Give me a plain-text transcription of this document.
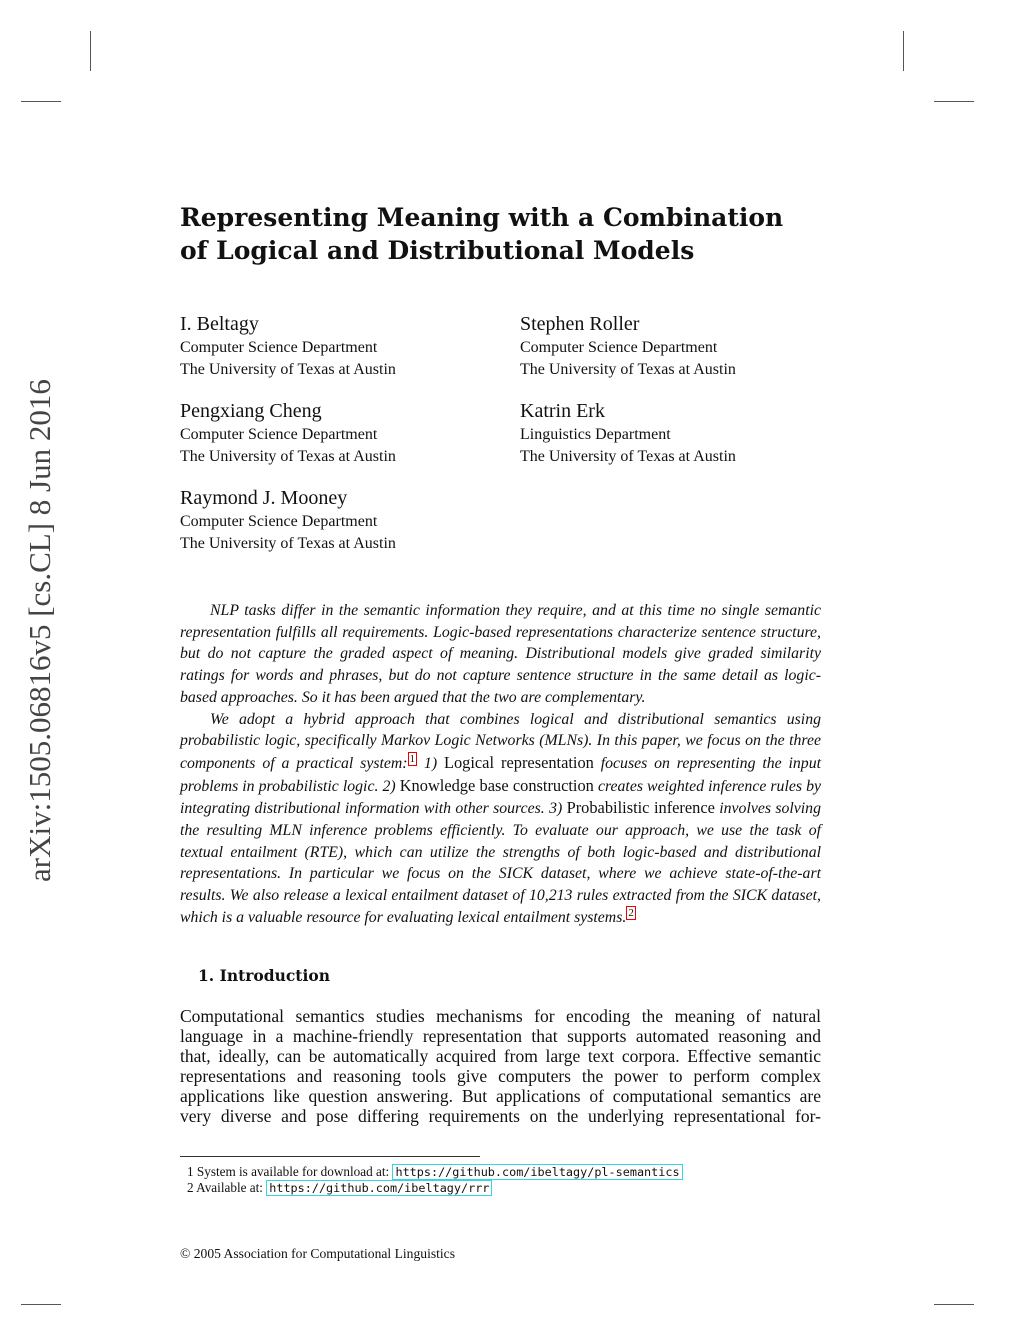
arXiv:1505.06816v5 [cs.CL] 8 Jun 2016
Representing Meaning with a Combination
of Logical and Distributional Models
I. Beltagy
Computer Science Department
The University of Texas at Austin
Stephen Roller
Computer Science Department
The University of Texas at Austin
Pengxiang Cheng
Computer Science Department
The University of Texas at Austin
Katrin Erk
Linguistics Department
The University of Texas at Austin
Raymond J. Mooney
Computer Science Department
The University of Texas at Austin

NLP tasks differ in the semantic information they require, and at this time no single semantic representation fulfills all requirements. Logic-based representations characterize sentence structure, but do not capture the graded aspect of meaning. Distributional models give graded similarity ratings for words and phrases, but do not capture sentence structure in the same detail as logic-based approaches. So it has been argued that the two are complementary.

We adopt a hybrid approach that combines logical and distributional semantics using probabilistic logic, specifically Markov Logic Networks (MLNs). In this paper, we focus on the three components of a practical system: $^1$ 1) Logical representation focuses on representing the input problems in probabilistic logic. 2) Knowledge base construction creates weighted inference rules by integrating distributional information with other sources. 3) Probabilistic inference involves solving the resulting MLN inference problems efficiently. To evaluate our approach, we use the task of textual entailment (RTE), which can utilize the strengths of both logic-based and distributional representations. In particular we focus on the SICK dataset, where we achieve state-of-the-art results. We also release a lexical entailment dataset of 10,213 rules extracted from the SICK dataset, which is a valuable resource for evaluating lexical entailment systems. $^2$

1. Introduction
Computational semantics studies mechanisms for encoding the meaning of natural
language in a machine-friendly representation that supports automated reasoning and
that, ideally, can be automatically acquired from large text corpora. Effective semantic
representations and reasoning tools give computers the power to perform complex
applications like question answering. But applications of computational semantics are
very diverse and pose differing requirements on the underlying representational for-
1 System is available for download at: https://github.com/ibeltagy/pl-semantics
2 Available at: https://github.com/ibeltagy/rrr
© 2005 Association for Computational Linguistics
